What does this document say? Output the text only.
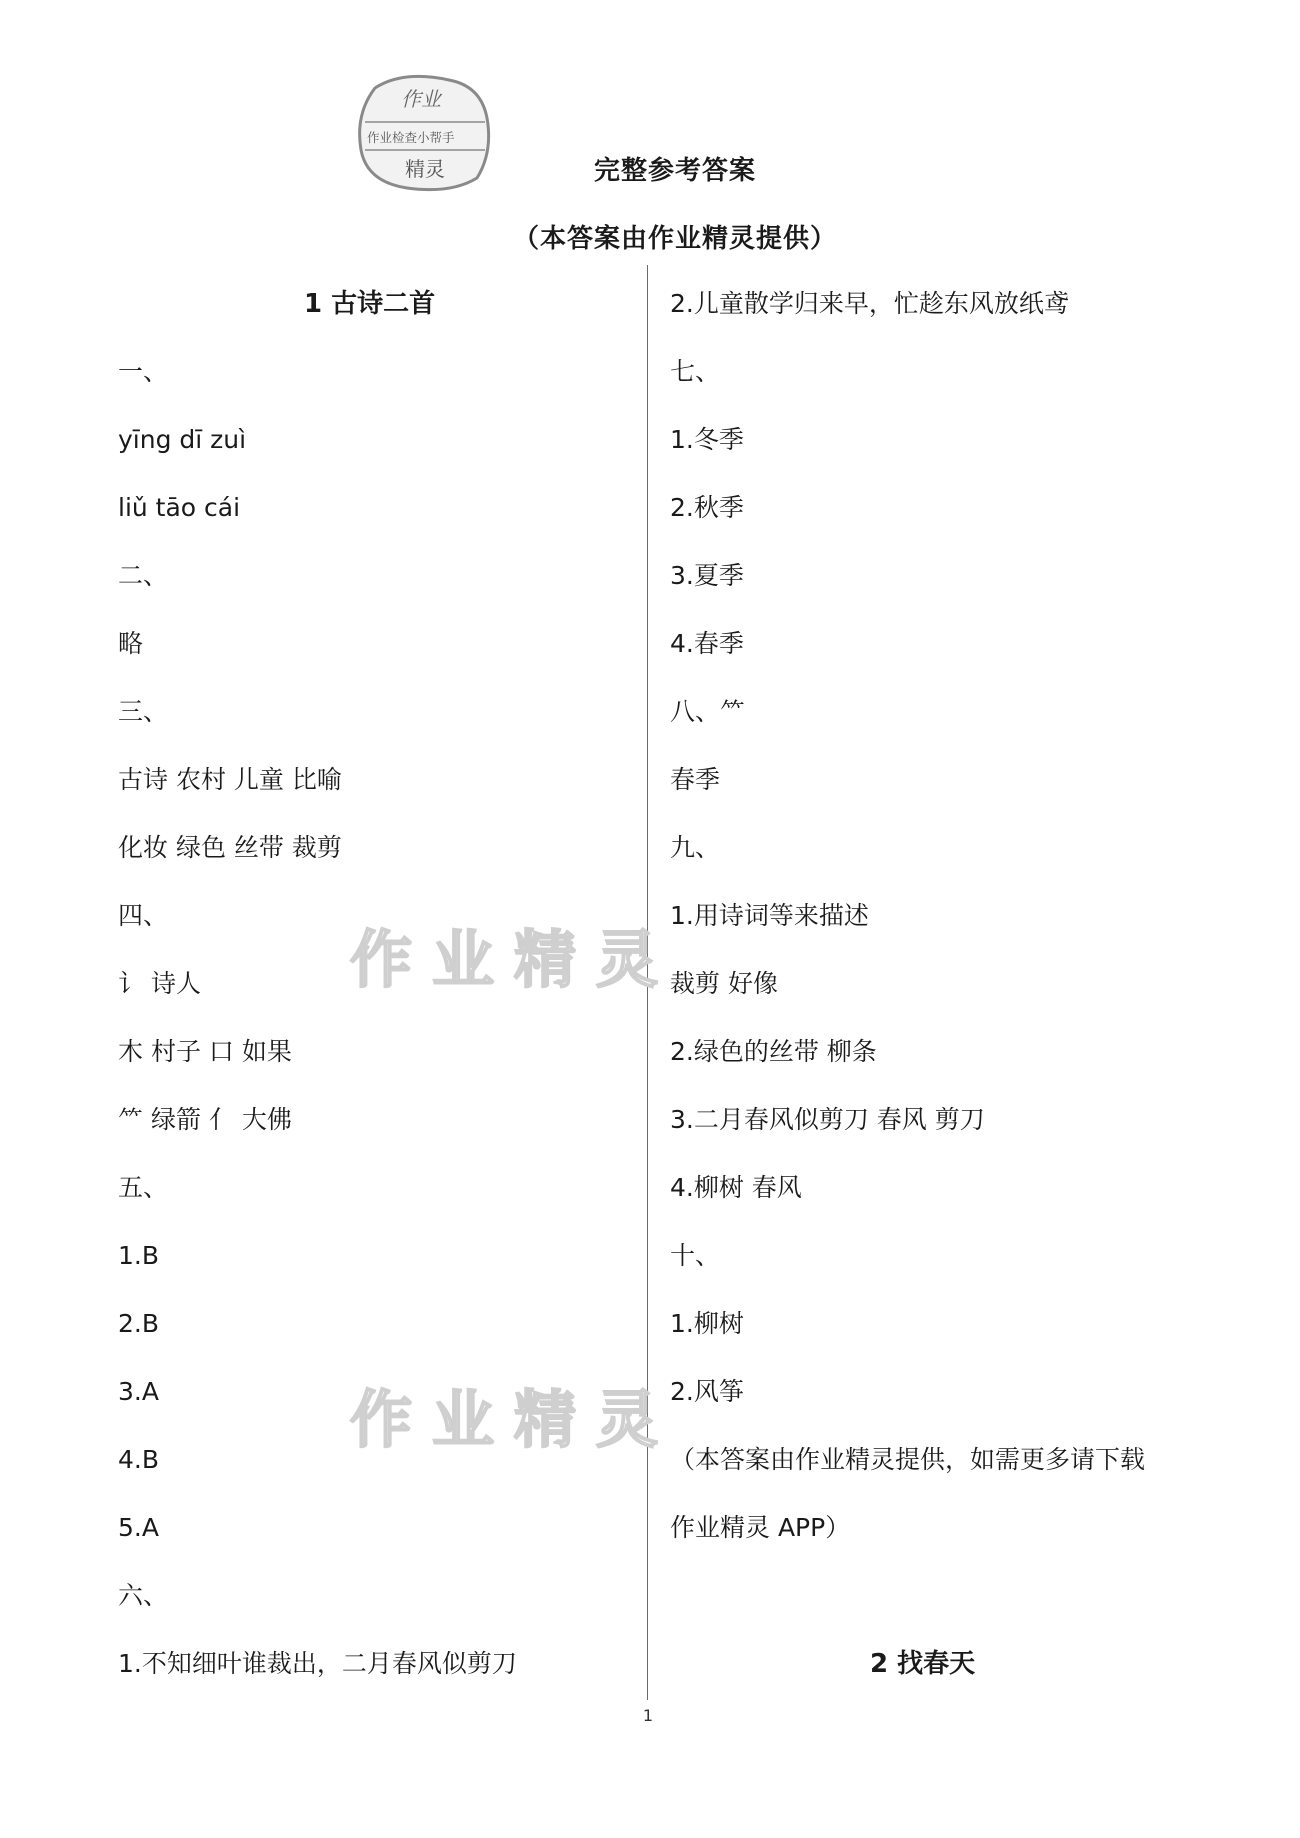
作业
作业检查小帮手
精灵	完整参考答案
（本答案由作业精灵提供）
作业精灵
作业精灵
1 古诗二首
一、
yīng dī zuì
liǔ tāo cái
二、
略
三、
古诗 农村 儿童 比喻
化妆 绿色 丝带 裁剪
四、
讠 诗人
木 村子 口 如果
⺮ 绿箭 亻 大佛
五、
1.B
2.B
3.A
4.B
5.A
六、
1.不知细叶谁裁出，二月春风似剪刀
2.儿童散学归来早，忙趁东风放纸鸢
七、
1.冬季
2.秋季
3.夏季
4.春季
八、⺮
春季
九、
1.用诗词等来描述
裁剪 好像
2.绿色的丝带 柳条
3.二月春风似剪刀 春风 剪刀
4.柳树 春风
十、
1.柳树
2.风筝
（本答案由作业精灵提供，如需更多请下载
作业精灵 APP）
2 找春天
1
